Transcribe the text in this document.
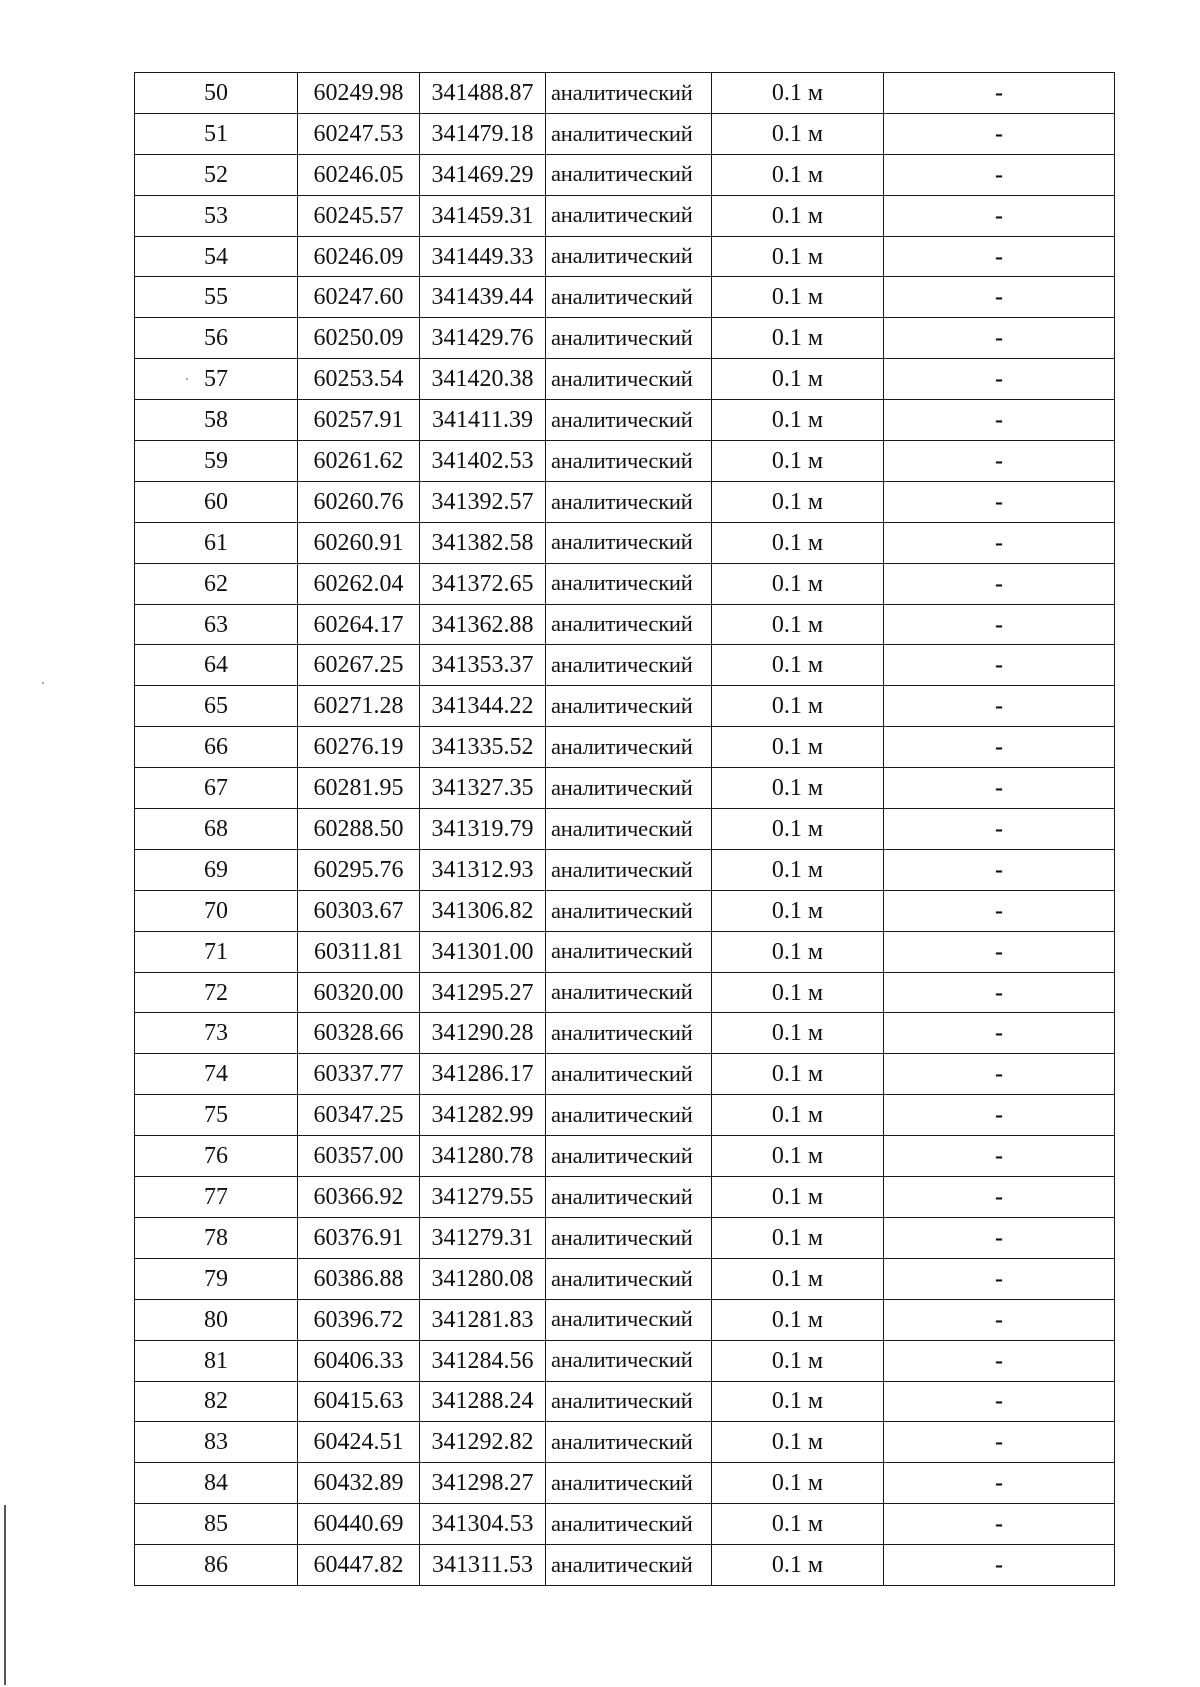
50	60249.98	341488.87	аналитический	0.1 м	-
51	60247.53	341479.18	аналитический	0.1 м	-
52	60246.05	341469.29	аналитический	0.1 м	-
53	60245.57	341459.31	аналитический	0.1 м	-
54	60246.09	341449.33	аналитический	0.1 м	-
55	60247.60	341439.44	аналитический	0.1 м	-
56	60250.09	341429.76	аналитический	0.1 м	-
57	60253.54	341420.38	аналитический	0.1 м	-
58	60257.91	341411.39	аналитический	0.1 м	-
59	60261.62	341402.53	аналитический	0.1 м	-
60	60260.76	341392.57	аналитический	0.1 м	-
61	60260.91	341382.58	аналитический	0.1 м	-
62	60262.04	341372.65	аналитический	0.1 м	-
63	60264.17	341362.88	аналитический	0.1 м	-
64	60267.25	341353.37	аналитический	0.1 м	-
65	60271.28	341344.22	аналитический	0.1 м	-
66	60276.19	341335.52	аналитический	0.1 м	-
67	60281.95	341327.35	аналитический	0.1 м	-
68	60288.50	341319.79	аналитический	0.1 м	-
69	60295.76	341312.93	аналитический	0.1 м	-
70	60303.67	341306.82	аналитический	0.1 м	-
71	60311.81	341301.00	аналитический	0.1 м	-
72	60320.00	341295.27	аналитический	0.1 м	-
73	60328.66	341290.28	аналитический	0.1 м	-
74	60337.77	341286.17	аналитический	0.1 м	-
75	60347.25	341282.99	аналитический	0.1 м	-
76	60357.00	341280.78	аналитический	0.1 м	-
77	60366.92	341279.55	аналитический	0.1 м	-
78	60376.91	341279.31	аналитический	0.1 м	-
79	60386.88	341280.08	аналитический	0.1 м	-
80	60396.72	341281.83	аналитический	0.1 м	-
81	60406.33	341284.56	аналитический	0.1 м	-
82	60415.63	341288.24	аналитический	0.1 м	-
83	60424.51	341292.82	аналитический	0.1 м	-
84	60432.89	341298.27	аналитический	0.1 м	-
85	60440.69	341304.53	аналитический	0.1 м	-
86	60447.82	341311.53	аналитический	0.1 м	-
